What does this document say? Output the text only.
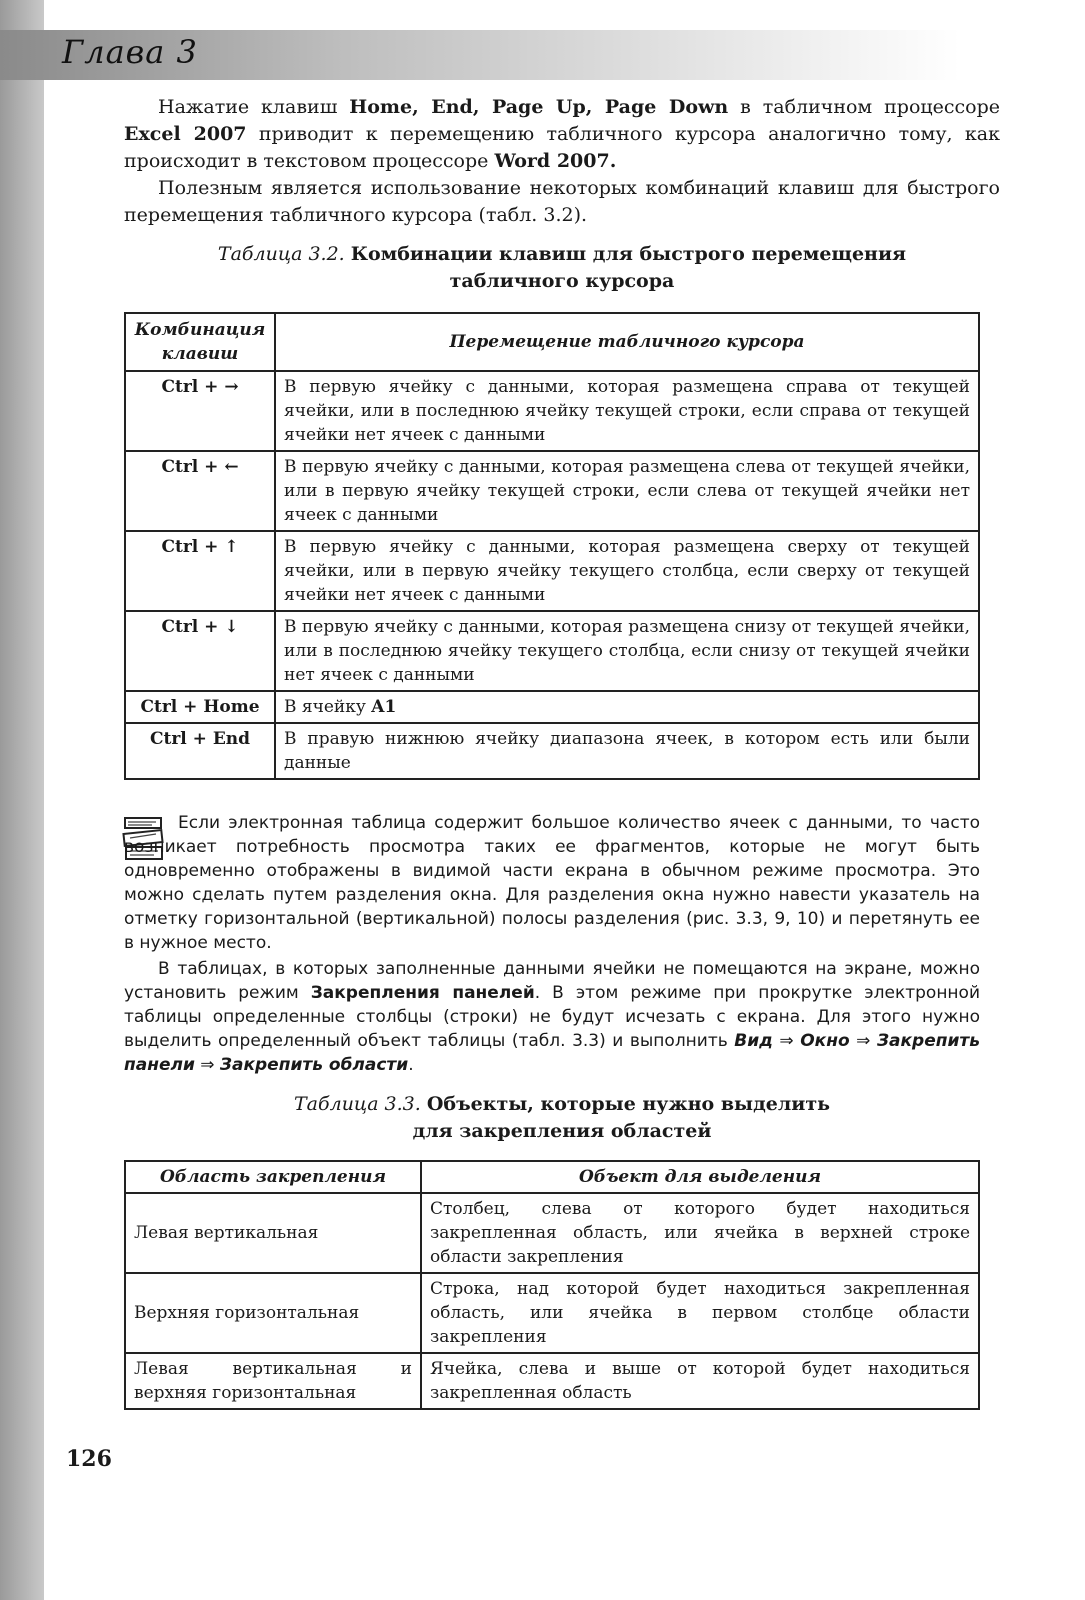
Глава 3

Нажатие клавиш Home, End, Page Up, Page Down в табличном процессоре Excel 2007 приводит к перемещению табличного курсора аналогично тому, как происходит в текстовом процессоре Word 2007.

Полезным является использование некоторых комбинаций клавиш для быстрого перемещения табличного курсора (табл. 3.2).

Таблица 3.2. Комбинации клавиш для быстрого перемещения
табличного курсора

Комбинация клавиш	Перемещение табличного курсора
Ctrl + →	В первую ячейку с данными, которая размещена справа от текущей ячейки, или в последнюю ячейку текущей строки, если справа от текущей ячейки нет ячеек с данными
Ctrl + ←	В первую ячейку с данными, которая размещена слева от текущей ячейки, или в первую ячейку текущей строки, если слева от текущей ячейки нет ячеек с данными
Ctrl + ↑	В первую ячейку с данными, которая размещена сверху от текущей ячейки, или в первую ячейку текущего столбца, если сверху от текущей ячейки нет ячеек с данными
Ctrl + ↓	В первую ячейку с данными, которая размещена снизу от текущей ячейки, или в последнюю ячейку текущего столбца, если снизу от текущей ячейки нет ячеек с данными
Ctrl + Home	В ячейку A1
Ctrl + End	В правую нижнюю ячейку диапазона ячеек, в котором есть или были данные

Если электронная таблица содержит большое количество ячеек с данными, то часто возникает потребность просмотра таких ее фрагментов, которые не могут быть одновременно отображены в видимой части екрана в обычном режиме просмотра. Это можно сделать путем разделения окна. Для разделения окна нужно навести указатель на отметку горизонтальной (вертикальной) полосы разделения (рис. 3.3, 9, 10) и перетянуть ее в нужное место.

В таблицах, в которых заполненные данными ячейки не помещаются на экране, можно установить режим Закрепления панелей. В этом режиме при прокрутке электронной таблицы определенные столбцы (строки) не будут исчезать с екрана. Для этого нужно выделить определенный объект таблицы (табл. 3.3) и выполнить Вид ⇒ Окно ⇒ Закрепить панели ⇒ Закрепить области.

Таблица 3.3. Объекты, которые нужно выделить
для закрепления областей

Область закрепления	Объект для выделения
Левая вертикальная	Столбец, слева от которого будет находиться закрепленная область, или ячейка в верхней строке области закрепления
Верхняя горизонтальная	Строка, над которой будет находиться закрепленная область, или ячейка в первом столбце области закрепления
Левая вертикальная и верхняя горизонтальная	Ячейка, слева и выше от которой будет находиться закрепленная область
126
